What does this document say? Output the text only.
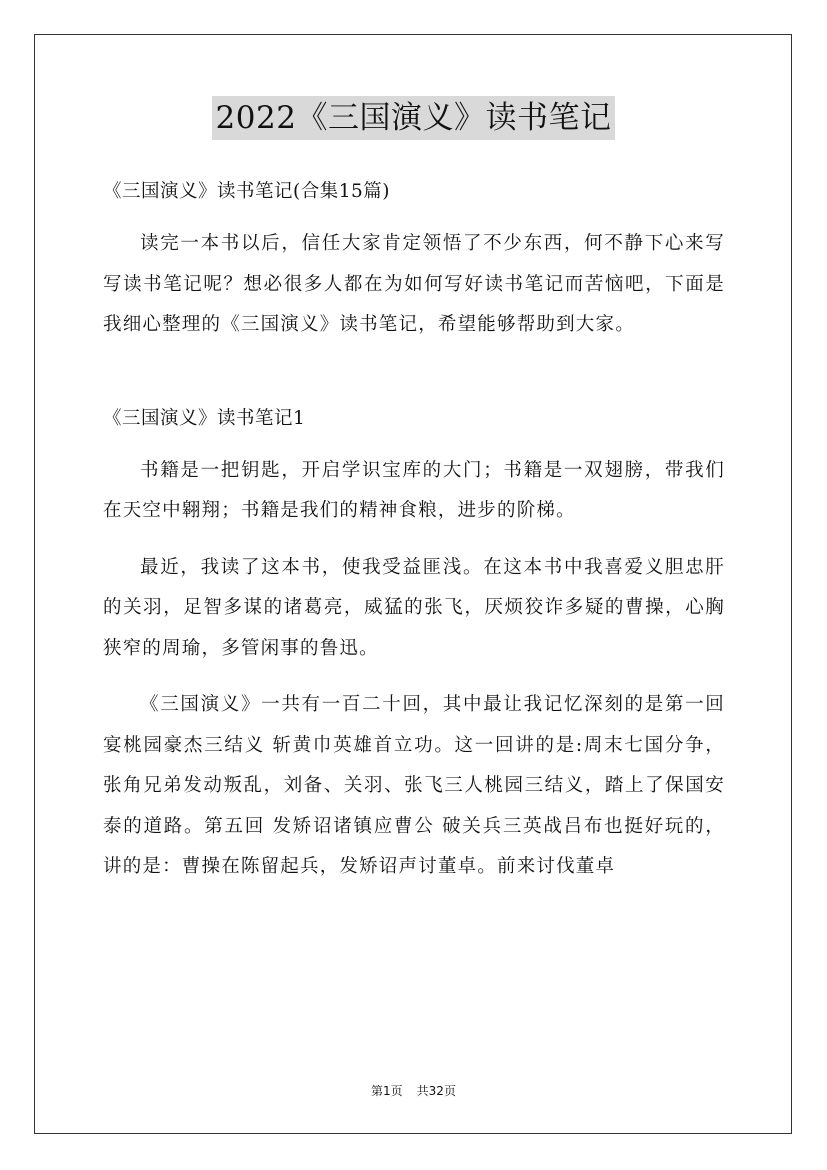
2022《三国演义》读书笔记

《三国演义》读书笔记(合集15篇)

读完一本书以后，信任大家肯定领悟了不少东西，何不静下心来写写读书笔记呢？想必很多人都在为如何写好读书笔记而苦恼吧，下面是我细心整理的《三国演义》读书笔记，希望能够帮助到大家。

《三国演义》读书笔记1

书籍是一把钥匙，开启学识宝库的大门；书籍是一双翅膀，带我们在天空中翱翔；书籍是我们的精神食粮，进步的阶梯。

最近，我读了这本书，使我受益匪浅。在这本书中我喜爱义胆忠肝的关羽，足智多谋的诸葛亮，威猛的张飞，厌烦狡诈多疑的曹操，心胸狭窄的周瑜，多管闲事的鲁迅。

《三国演义》一共有一百二十回，其中最让我记忆深刻的是第一回宴桃园豪杰三结义 斩黄巾英雄首立功。这一回讲的是:周末七国分争，张角兄弟发动叛乱，刘备、关羽、张飞三人桃园三结义，踏上了保国安泰的道路。第五回 发矫诏诸镇应曹公 破关兵三英战吕布也挺好玩的，讲的是：曹操在陈留起兵，发矫诏声讨董卓。前来讨伐董卓

第1页 共32页
